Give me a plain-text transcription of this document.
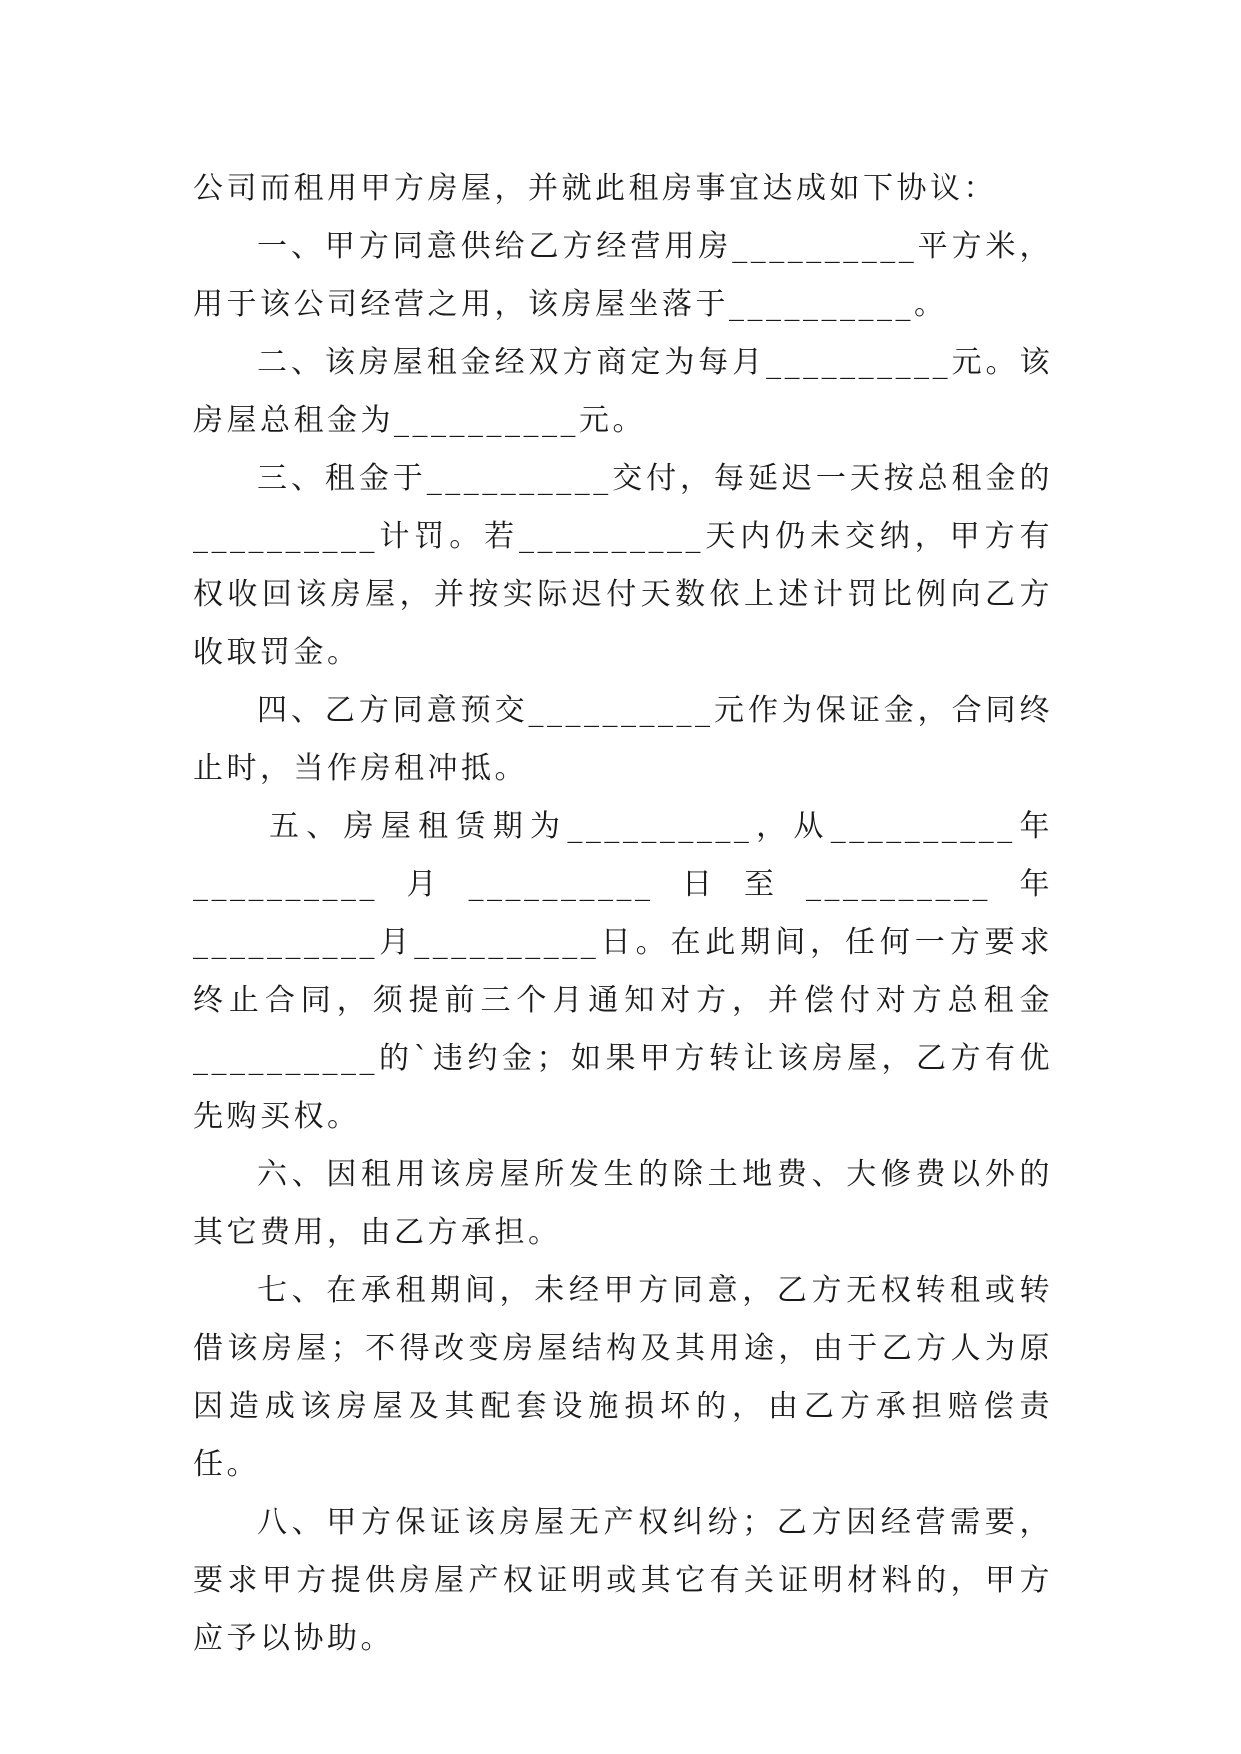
公司而租用甲方房屋，并就此租房事宜达成如下协议：

一、甲方同意供给乙方经营用房__________平方米，用于该公司经营之用，该房屋坐落于__________。

二、该房屋租金经双方商定为每月__________元。该房屋总租金为__________元。

三、租金于__________交付，每延迟一天按总租金的__________计罚。若__________天内仍未交纳，甲方有权收回该房屋，并按实际迟付天数依上述计罚比例向乙方收取罚金。

四、乙方同意预交__________元作为保证金，合同终止时，当作房租冲抵。

五、房屋租赁期为__________，从__________年__________月__________日至__________年__________月__________日。在此期间，任何一方要求终止合同，须提前三个月通知对方，并偿付对方总租金__________的`违约金；如果甲方转让该房屋，乙方有优先购买权。

六、因租用该房屋所发生的除土地费、大修费以外的其它费用，由乙方承担。

七、在承租期间，未经甲方同意，乙方无权转租或转借该房屋；不得改变房屋结构及其用途，由于乙方人为原因造成该房屋及其配套设施损坏的，由乙方承担赔偿责任。

八、甲方保证该房屋无产权纠纷；乙方因经营需要，要求甲方提供房屋产权证明或其它有关证明材料的，甲方应予以协助。
